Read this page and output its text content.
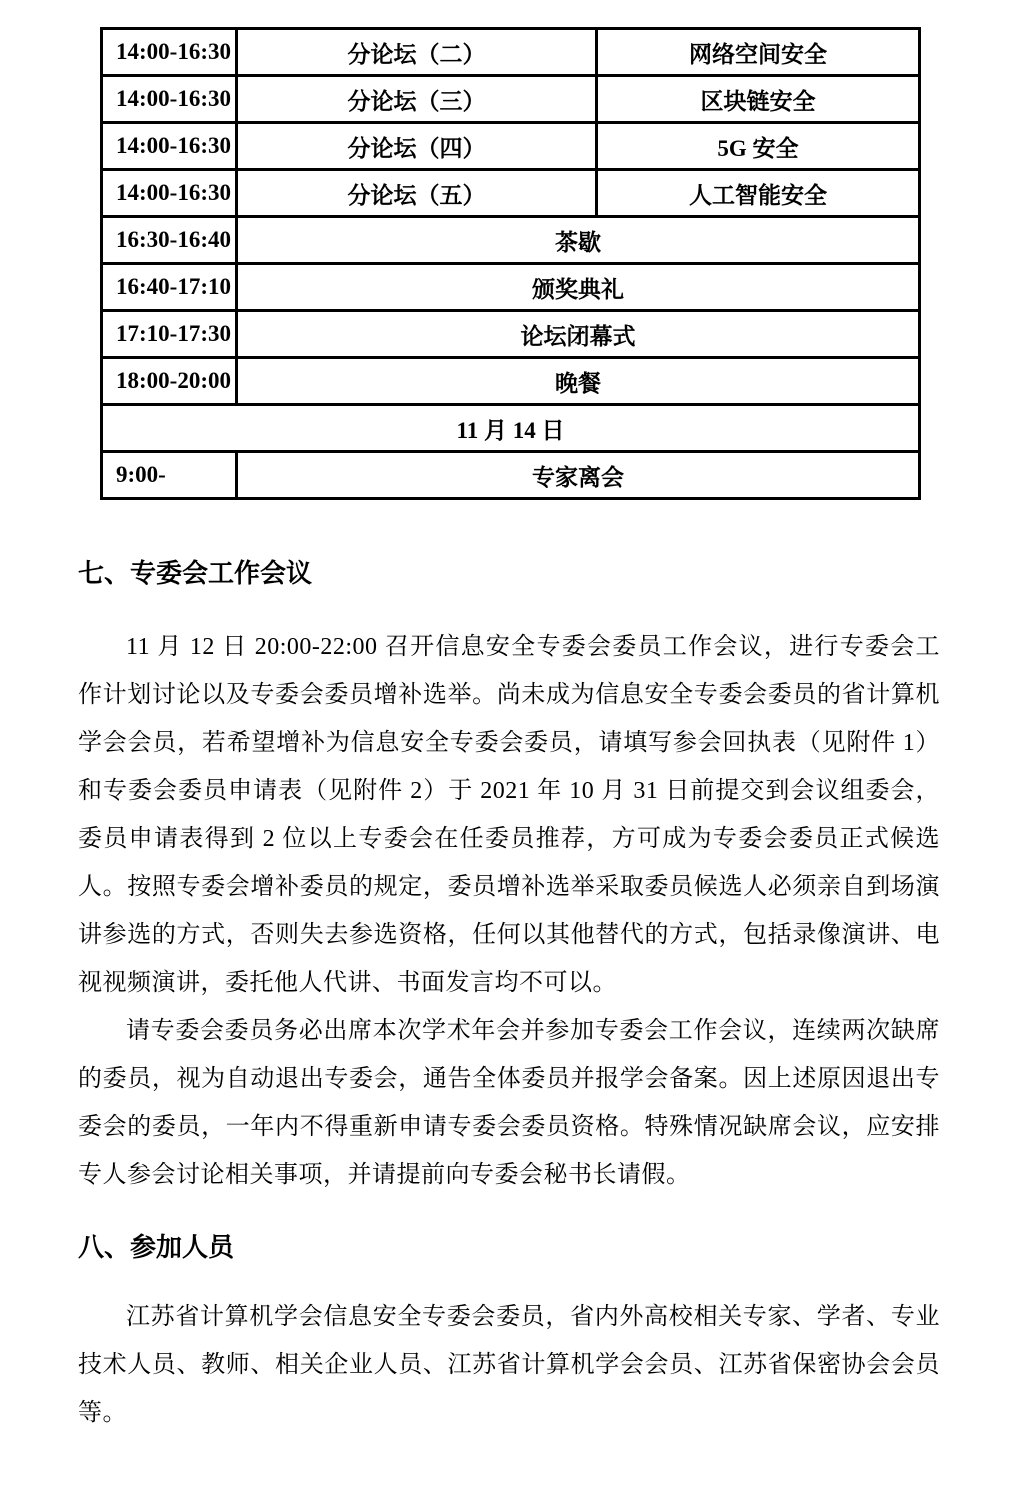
14:00-16:30	分论坛（二）	网络空间安全
14:00-16:30	分论坛（三）	区块链安全
14:00-16:30	分论坛（四）	5G 安全
14:00-16:30	分论坛（五）	人工智能安全
16:30-16:40	茶歇	
16:40-17:10	颁奖典礼	
17:10-17:30	论坛闭幕式	
18:00-20:00	晚餐	
11 月 14 日		
9:00-	专家离会	
七、专委会工作会议

11 月 12 日 20:00-22:00 召开信息安全专委会委员工作会议，进行专委会工作计划讨论以及专委会委员增补选举。尚未成为信息安全专委会委员的省计算机学会会员，若希望增补为信息安全专委会委员，请填写参会回执表（见附件 1）和专委会委员申请表（见附件 2）于 2021 年 10 月 31 日前提交到会议组委会，委员申请表得到 2 位以上专委会在任委员推荐，方可成为专委会委员正式候选人。按照专委会增补委员的规定，委员增补选举采取委员候选人必须亲自到场演讲参选的方式，否则失去参选资格，任何以其他替代的方式，包括录像演讲、电视视频演讲，委托他人代讲、书面发言均不可以。

请专委会委员务必出席本次学术年会并参加专委会工作会议，连续两次缺席的委员，视为自动退出专委会，通告全体委员并报学会备案。因上述原因退出专委会的委员，一年内不得重新申请专委会委员资格。特殊情况缺席会议，应安排专人参会讨论相关事项，并请提前向专委会秘书长请假。

八、参加人员

江苏省计算机学会信息安全专委会委员，省内外高校相关专家、学者、专业技术人员、教师、相关企业人员、江苏省计算机学会会员、江苏省保密协会会员等。
